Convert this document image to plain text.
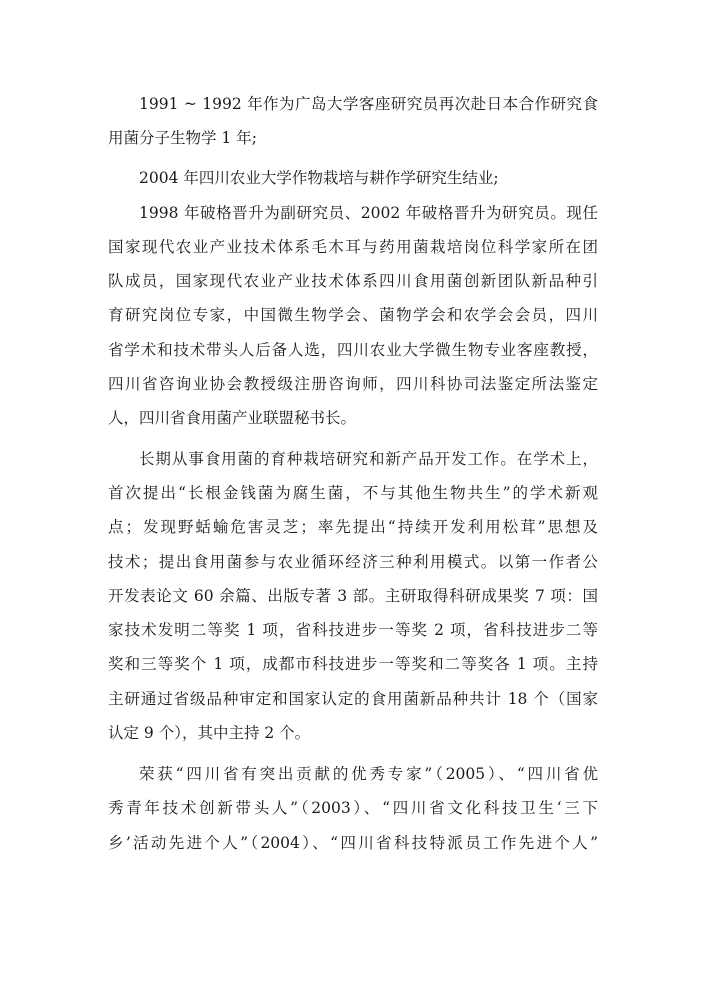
1991 ~ 1992 年作为广岛大学客座研究员再次赴日本合作研究食
用菌分子生物学 1 年;
2004 年四川农业大学作物栽培与耕作学研究生结业;
1998 年破格晋升为副研究员、2002 年破格晋升为研究员。现任
国家现代农业产业技术体系毛木耳与药用菌栽培岗位科学家所在团
队成员，国家现代农业产业技术体系四川食用菌创新团队新品种引
育研究岗位专家，中国微生物学会、菌物学会和农学会会员，四川
省学术和技术带头人后备人选，四川农业大学微生物专业客座教授，
四川省咨询业协会教授级注册咨询师，四川科协司法鉴定所法鉴定
人，四川省食用菌产业联盟秘书长。
长期从事食用菌的育种栽培研究和新产品开发工作。在学术上，
首次提出“长根金钱菌为腐生菌，不与其他生物共生”的学术新观
点；发现野蛞蝓危害灵芝；率先提出“持续开发利用松茸”思想及
技术；提出食用菌参与农业循环经济三种利用模式。以第一作者公
开发表论文 60 余篇、出版专著 3 部。主研取得科研成果奖 7 项：国
家技术发明二等奖 1 项，省科技进步一等奖 2 项，省科技进步二等
奖和三等奖个 1 项，成都市科技进步一等奖和二等奖各 1 项。主持
主研通过省级品种审定和国家认定的食用菌新品种共计 18 个（国家
认定 9 个），其中主持 2 个。
荣获“四川省有突出贡献的优秀专家”（2005）、“四川省优
秀青年技术创新带头人”（2003）、“四川省文化科技卫生‘三下
乡’活动先进个人”（2004）、“四川省科技特派员工作先进个人”
